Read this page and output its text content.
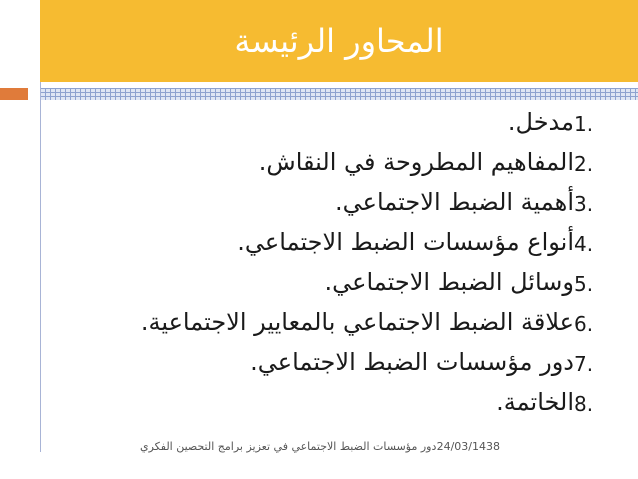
المحاور الرئيسة
1.
مدخل.
2.
المفاهيم المطروحة في النقاش.
3.
أهمية الضبط الاجتماعي.
4.
أنواع مؤسسات الضبط الاجتماعي.
5.
وسائل الضبط الاجتماعي.
6.
علاقة الضبط الاجتماعي بالمعايير الاجتماعية.
7.
دور مؤسسات الضبط الاجتماعي.
8.
الخاتمة.
دور مؤسسات الضبط الاجتماعي في تعزيز برامج التحصين الفكري 24/03/1438
